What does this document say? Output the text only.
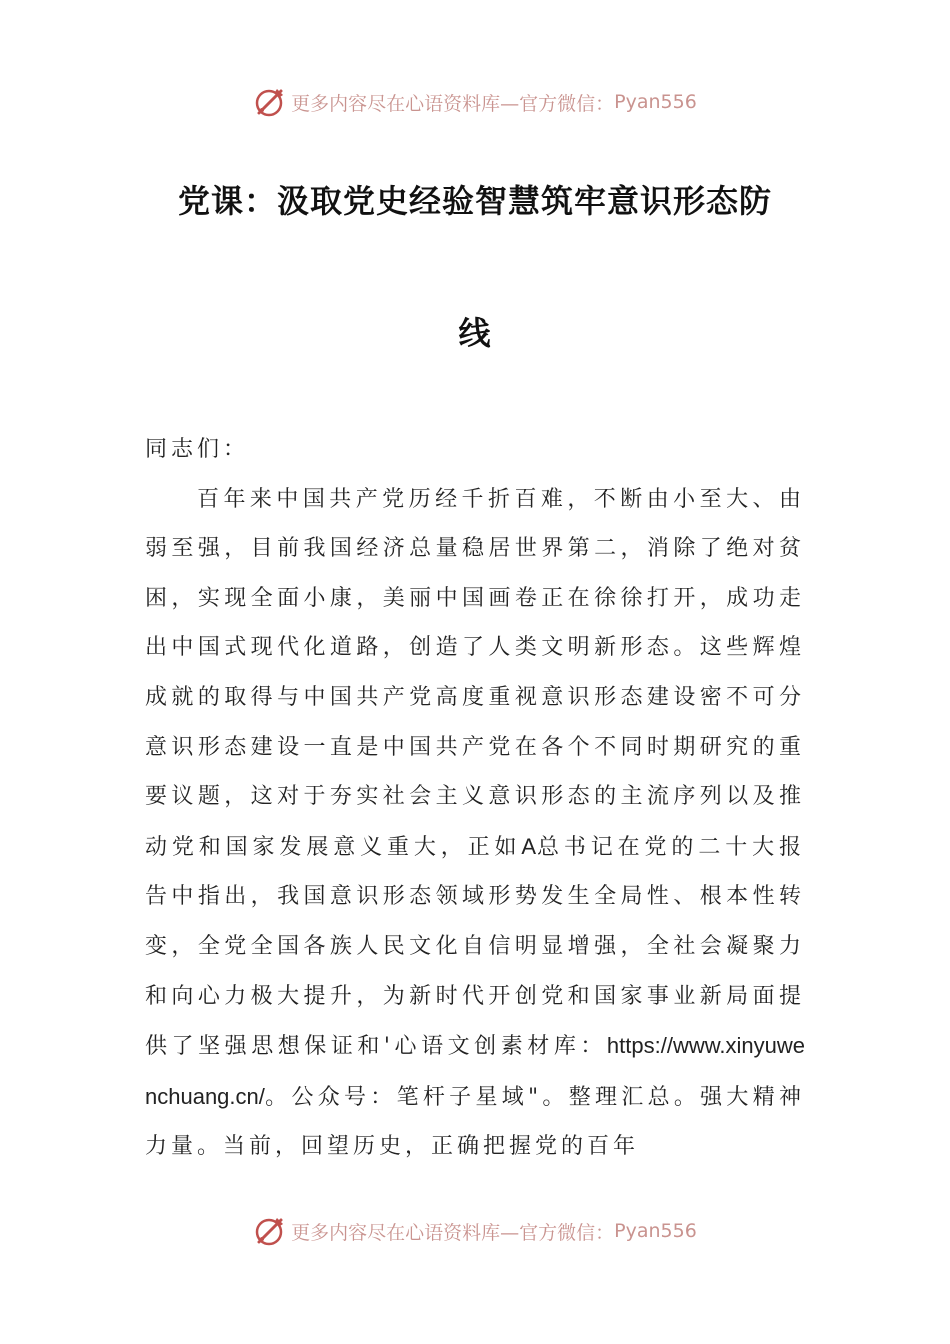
更多内容尽在心语资料库—官方微信： Pyan556
党课：汲取党史经验智慧筑牢意识形态防
线

同志们：

百年来中国共产党历经千折百难，不断由小至大、由弱至强，目前我国经济总量稳居世界第二，消除了绝对贫困，实现全面小康，美丽中国画卷正在徐徐打开，成功走出中国式现代化道路，创造了人类文明新形态。这些辉煌成就的取得与中国共产党高度重视意识形态建设密不可分意识形态建设一直是中国共产党在各个不同时期研究的重要议题，这对于夯实社会主义意识形态的主流序列以及推动党和国家发展意义重大，正如A总书记在党的二十大报告中指出，我国意识形态领域形势发生全局性、根本性转变，全党全国各族人民文化自信明显增强，全社会凝聚力和向心力极大提升，为新时代开创党和国家事业新局面提供了坚强思想保证和'心语文创素材库：https://www.xinyuwenchuang.cn/。公众号：笔杆子星域"。整理汇总。强大精神力量。当前，回望历史，正确把握党的百年

更多内容尽在心语资料库—官方微信： Pyan556
